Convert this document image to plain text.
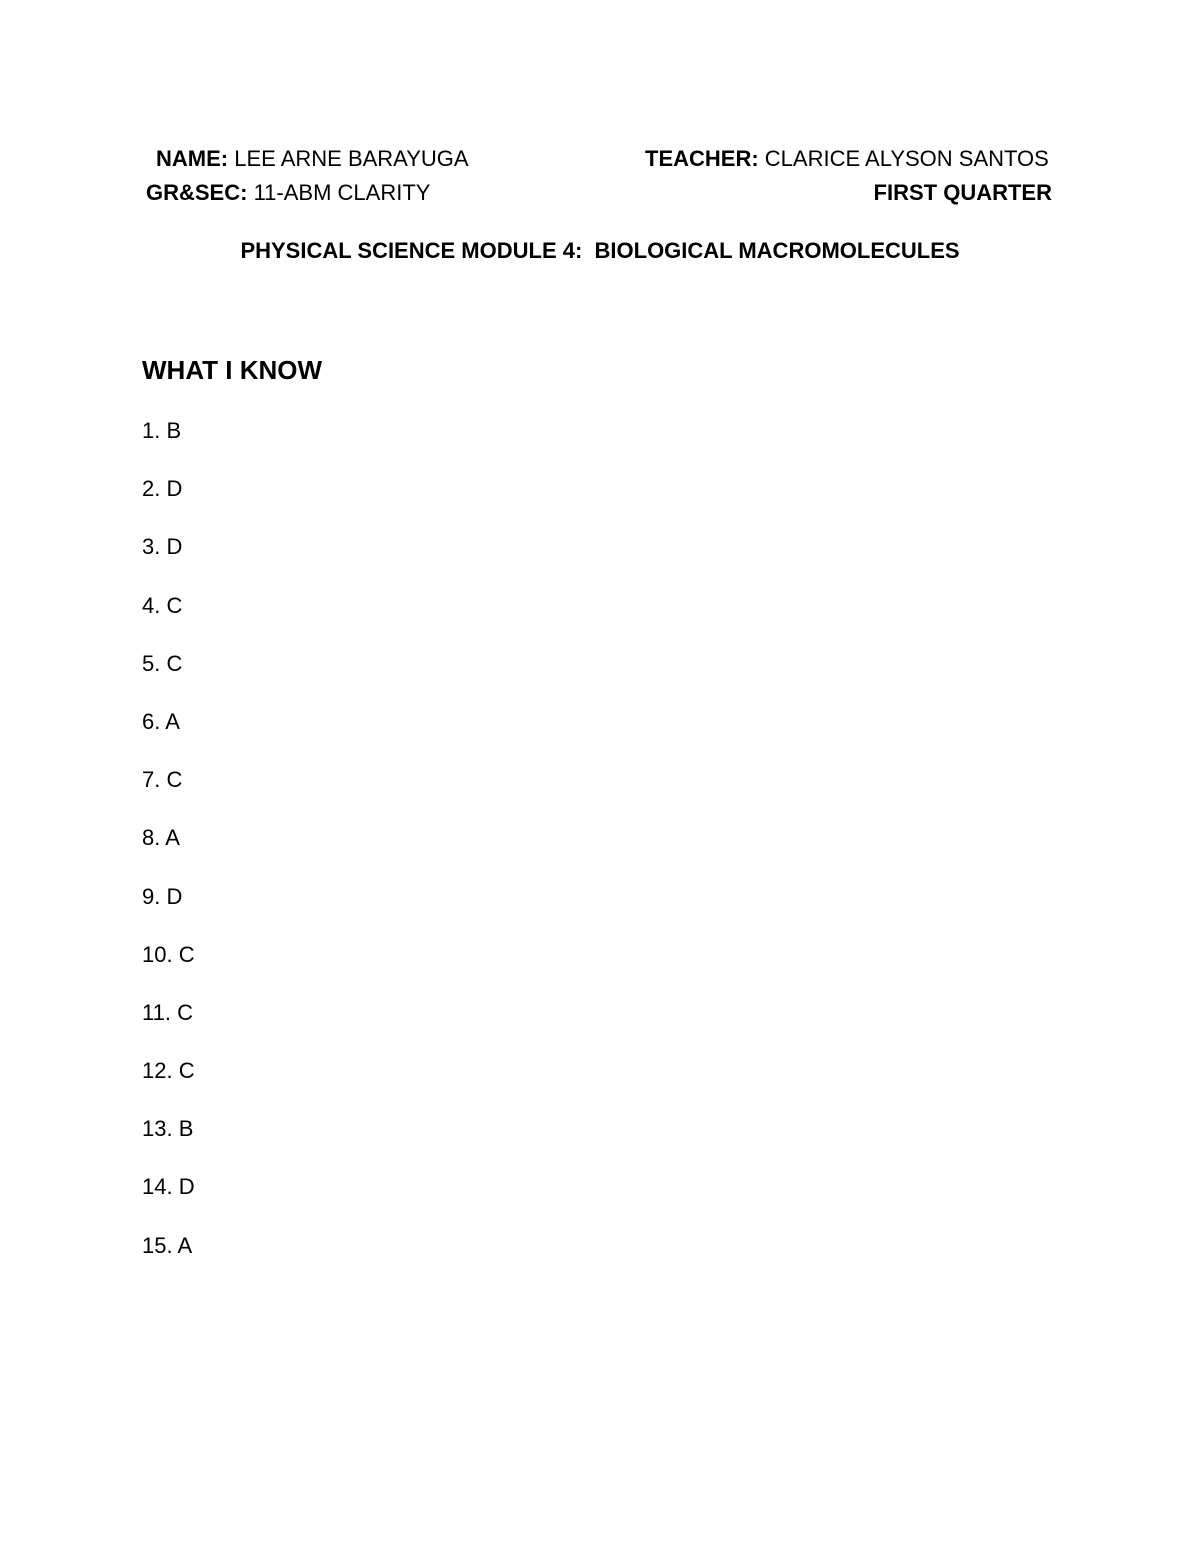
NAME: LEE ARNE BARAYUGA	TEACHER: CLARICE ALYSON SANTOS
GR&SEC: 11-ABM CLARITY	FIRST QUARTER
PHYSICAL SCIENCE MODULE 4:  BIOLOGICAL MACROMOLECULES
WHAT I KNOW
1. B
2. D
3. D
4. C
5. C
6. A
7. C
8. A
9. D
10. C
11. C
12. C
13. B
14. D
15. A
